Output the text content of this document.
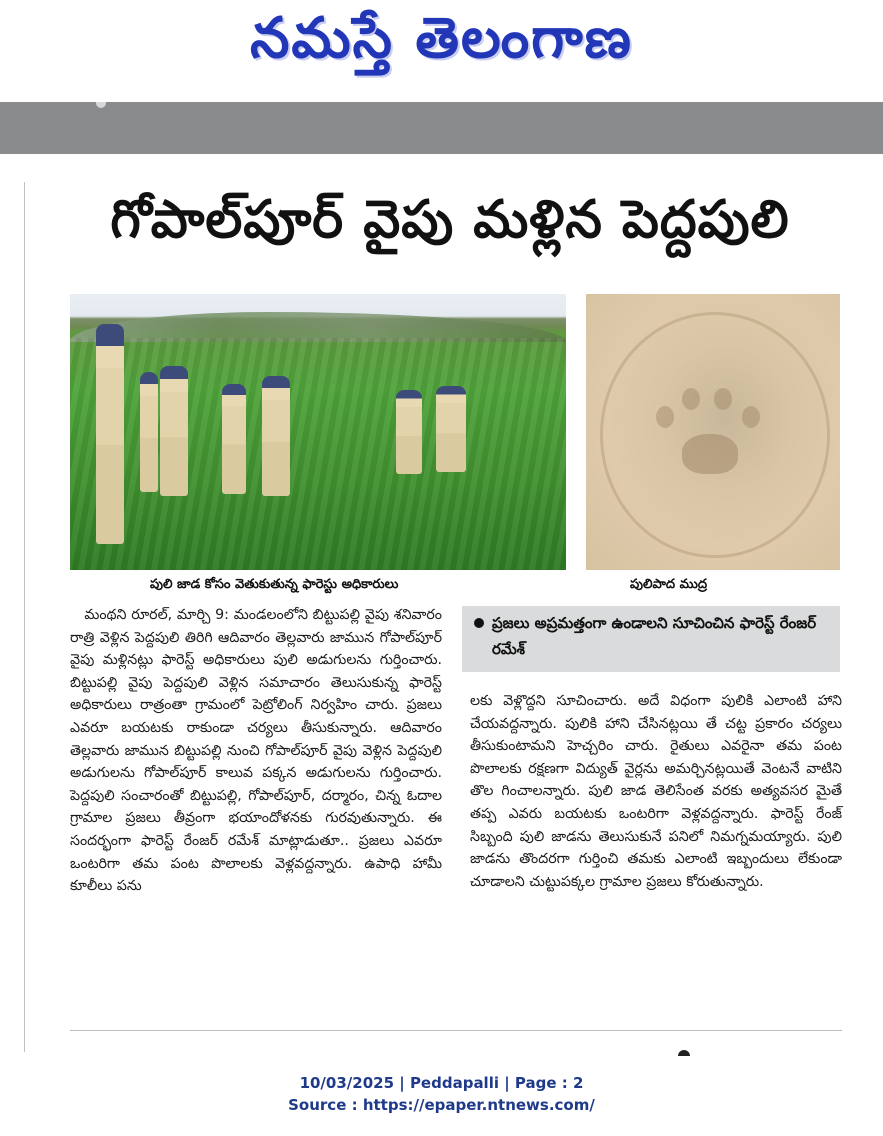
నమస్తే తెలంగాణ
గోపాల్‌పూర్ వైపు మళ్లిన పెద్దపులి
పులి జాడ కోసం వెతుకుతున్న ఫారెస్టు అధికారులు	పులిపాద ముద్ర

మంథని రూరల్, మార్చి 9: మండలంలోని బిట్టుపల్లి వైపు శనివారం రాత్రి వెళ్లిన పెద్దపులి తిరిగి ఆదివారం తెల్లవారు జామున గోపాల్‌పూర్ వైపు మళ్లినట్లు ఫారెస్ట్ అధికారులు పులి అడుగులను గుర్తించారు. బిట్టుపల్లి వైపు పెద్దపులి వెళ్లిన సమాచారం తెలుసుకున్న ఫారెస్ట్ అధికారులు రాత్రంతా గ్రామంలో పెట్రోలింగ్ నిర్వహిం చారు. ప్రజలు ఎవరూ బయటకు రాకుండా చర్యలు తీసుకున్నారు. ఆదివారం తెల్లవారు జామున బిట్టుపల్లి నుంచి గోపాల్‌పూర్ వైపు వెళ్లిన పెద్దపులి అడుగులను గోపాల్‌పూర్ కాలువ పక్కన అడుగులను గుర్తించారు. పెద్దపులి సంచారంతో బిట్టుపల్లి, గోపాల్‌పూర్, దర్మారం, చిన్న ఓదాల గ్రామాల ప్రజలు తీవ్రంగా భయాందోళనకు గురవుతున్నారు. ఈ సందర్భంగా ఫారెస్ట్ రేంజర్ రమేశ్ మాట్లాడుతూ.. ప్రజలు ఎవరూ ఒంటరిగా తమ పంట పొలాలకు వెళ్లవద్దన్నారు. ఉపాధి హామీ కూలీలు పను

ప్రజలు అప్రమత్తంగా ఉండాలని సూచించిన ఫారెస్ట్ రేంజర్ రమేశ్

లకు వెళ్లొద్దని సూచించారు. అదే విధంగా పులికి ఎలాంటి హాని చేయవద్దన్నారు. పులికి హాని చేసినట్లయి తే చట్ట ప్రకారం చర్యలు తీసుకుంటామని హెచ్చరిం చారు. రైతులు ఎవరైనా తమ పంట పొలాలకు రక్షణగా విద్యుత్ వైర్లను అమర్చినట్లయితే వెంటనే వాటిని తొల గించాలన్నారు. పులి జాడ తెలిసేంత వరకు అత్యవసర మైతే తప్ప ఎవరు బయటకు ఒంటరిగా వెళ్లవద్దన్నారు. ఫారెస్ట్ రేంజ్ సిబ్బంది పులి జాడను తెలుసుకునే పనిలో నిమగ్నమయ్యారు. పులి జాడను తొందరగా గుర్తించి తమకు ఎలాంటి ఇబ్బందులు లేకుండా చూడాలని చుట్టుపక్కల గ్రామాల ప్రజలు కోరుతున్నారు.

10/03/2025 | Peddapalli | Page : 2
Source : https://epaper.ntnews.com/
